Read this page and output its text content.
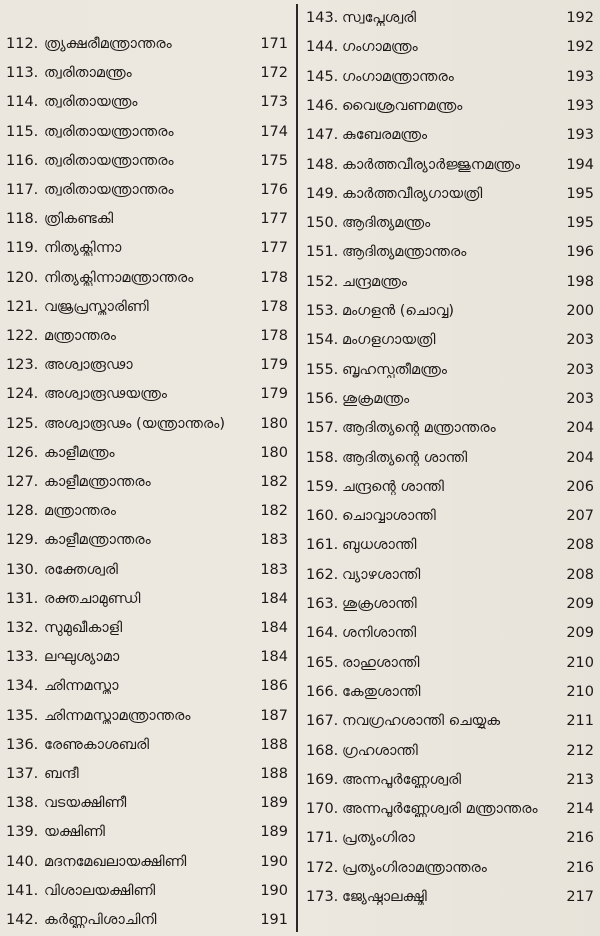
112. ത്ര്യക്ഷരീമന്ത്രാന്തരം	171
113. ത്വരിതാമന്ത്രം	172
114. ത്വരിതായന്ത്രം	173
115. ത്വരിതായന്ത്രാന്തരം	174
116. ത്വരിതായന്ത്രാന്തരം	175
117. ത്വരിതായന്ത്രാന്തരം	176
118. ത്രികണ്ടകി	177
119. നിത്യക്ലിന്നാ	177
120. നിത്യക്ലിന്നാമന്ത്രാന്തരം	178
121. വജ്രപ്രസ്താരിണി	178
122. മന്ത്രാന്തരം	178
123. അശ്വാരൂഢാ	179
124. അശ്വാരൂഢയന്ത്രം	179
125. അശ്വാരൂഢം (യന്ത്രാന്തരം)	180
126. കാളീമന്ത്രം	180
127. കാളീമന്ത്രാന്തരം	182
128. മന്ത്രാന്തരം	182
129. കാളീമന്ത്രാന്തരം	183
130. രക്തേശ്വരി	183
131. രക്തചാമുണ്ഡി	184
132. സുമുഖീകാളി	184
133. ലഘുശ്യാമാ	184
134. ഛിന്നമസ്താ	186
135. ഛിന്നമസ്താമന്ത്രാന്തരം	187
136. രേണുകാശബരി	188
137. ബന്ദീ	188
138. വടയക്ഷിണീ	189
139. യക്ഷിണി	189
140. മദനമേഖലായക്ഷിണി	190
141. വിശാലയക്ഷിണി	190
142. കർണ്ണപിശാചിനി	191
143. സ്വപ്നേശ്വരി	192
144. ഗംഗാമന്ത്രം	192
145. ഗംഗാമന്ത്രാന്തരം	193
146. വൈശ്രവണമന്ത്രം	193
147. കുബേരമന്ത്രം	193
148. കാർത്തവീര്യാർജ്ജുനമന്ത്രം	194
149. കാർത്തവീര്യഗായത്രി	195
150. ആദിത്യമന്ത്രം	195
151. ആദിത്യമന്ത്രാന്തരം	196
152. ചന്ദ്രമന്ത്രം	198
153. മംഗളൻ (ചൊവ്വ)	200
154. മംഗളഗായത്രി	203
155. ബൃഹസ്പതീമന്ത്രം	203
156. ശുക്രമന്ത്രം	203
157. ആദിത്യന്റെ മന്ത്രാന്തരം	204
158. ആദിത്യന്റെ ശാന്തി	204
159. ചന്ദ്രന്റെ ശാന്തി	206
160. ചൊവ്വാശാന്തി	207
161. ബുധശാന്തി	208
162. വ്യാഴശാന്തി	208
163. ശുക്രശാന്തി	209
164. ശനിശാന്തി	209
165. രാഹുശാന്തി	210
166. കേതുശാന്തി	210
167. നവഗ്രഹശാന്തി ചെയ്യുക	211
168. ഗ്രഹശാന്തി	212
169. അന്നപൂർണ്ണേശ്വരി	213
170. അന്നപൂർണ്ണേശ്വരി മന്ത്രാന്തരം	214
171. പ്രത്യംഗിരാ	216
172. പ്രത്യംഗിരാമന്ത്രാന്തരം	216
173. ജ്യേഷ്ഠാലക്ഷ്മി	217
